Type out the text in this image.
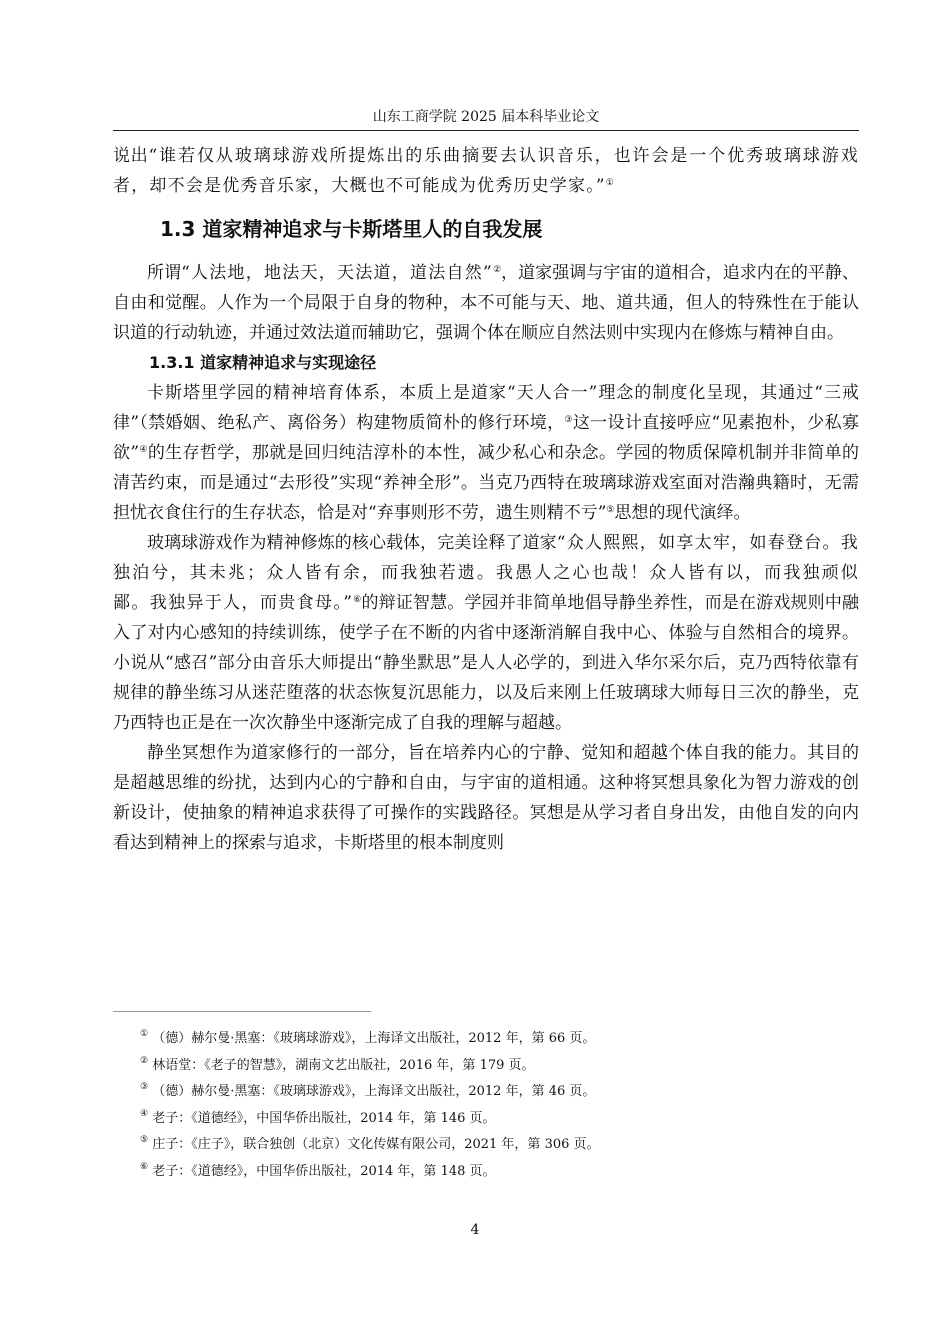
山东工商学院 2025 届本科毕业论文

说出“谁若仅从玻璃球游戏所提炼出的乐曲摘要去认识音乐，也许会是一个优秀玻璃球游戏者，却不会是优秀音乐家，大概也不可能成为优秀历史学家。”①

1.3 道家精神追求与卡斯塔里人的自我发展

所谓“人法地，地法天，天法道，道法自然”②，道家强调与宇宙的道相合，追求内在的平静、自由和觉醒。人作为一个局限于自身的物种，本不可能与天、地、道共通，但人的特殊性在于能认识道的行动轨迹，并通过效法道而辅助它，强调个体在顺应自然法则中实现内在修炼与精神自由。

1.3.1 道家精神追求与实现途径

卡斯塔里学园的精神培育体系，本质上是道家“天人合一”理念的制度化呈现，其通过“三戒律”（禁婚姻、绝私产、离俗务）构建物质简朴的修行环境，③这一设计直接呼应“见素抱朴，少私寡欲”④的生存哲学，那就是回归纯洁淳朴的本性，减少私心和杂念。学园的物质保障机制并非简单的清苦约束，而是通过“去形役”实现“养神全形”。当克乃西特在玻璃球游戏室面对浩瀚典籍时，无需担忧衣食住行的生存状态，恰是对“弃事则形不劳，遗生则精不亏”⑤思想的现代演绎。

玻璃球游戏作为精神修炼的核心载体，完美诠释了道家“众人熙熙，如享太牢，如春登台。我独泊兮，其未兆；众人皆有余，而我独若遗。我愚人之心也哉！众人皆有以，而我独顽似鄙。我独异于人，而贵食母。”⑥的辩证智慧。学园并非简单地倡导静坐养性，而是在游戏规则中融入了对内心感知的持续训练，使学子在不断的内省中逐渐消解自我中心、体验与自然相合的境界。小说从“感召”部分由音乐大师提出“静坐默思”是人人必学的，到进入华尔采尔后，克乃西特依靠有规律的静坐练习从迷茫堕落的状态恢复沉思能力，以及后来刚上任玻璃球大师每日三次的静坐，克乃西特也正是在一次次静坐中逐渐完成了自我的理解与超越。

静坐冥想作为道家修行的一部分，旨在培养内心的宁静、觉知和超越个体自我的能力。其目的是超越思维的纷扰，达到内心的宁静和自由，与宇宙的道相通。这种将冥想具象化为智力游戏的创新设计，使抽象的精神追求获得了可操作的实践路径。冥想是从学习者自身出发，由他自发的向内看达到精神上的探索与追求，卡斯塔里的根本制度则

① （德）赫尔曼·黑塞：《玻璃球游戏》，上海译文出版社，2012 年，第 66 页。
② 林语堂：《老子的智慧》，湖南文艺出版社，2016 年，第 179 页。
③ （德）赫尔曼·黑塞：《玻璃球游戏》，上海译文出版社，2012 年，第 46 页。
④ 老子：《道德经》，中国华侨出版社，2014 年，第 146 页。
⑤ 庄子：《庄子》，联合独创（北京）文化传媒有限公司，2021 年，第 306 页。
⑥ 老子：《道德经》，中国华侨出版社，2014 年，第 148 页。
4
